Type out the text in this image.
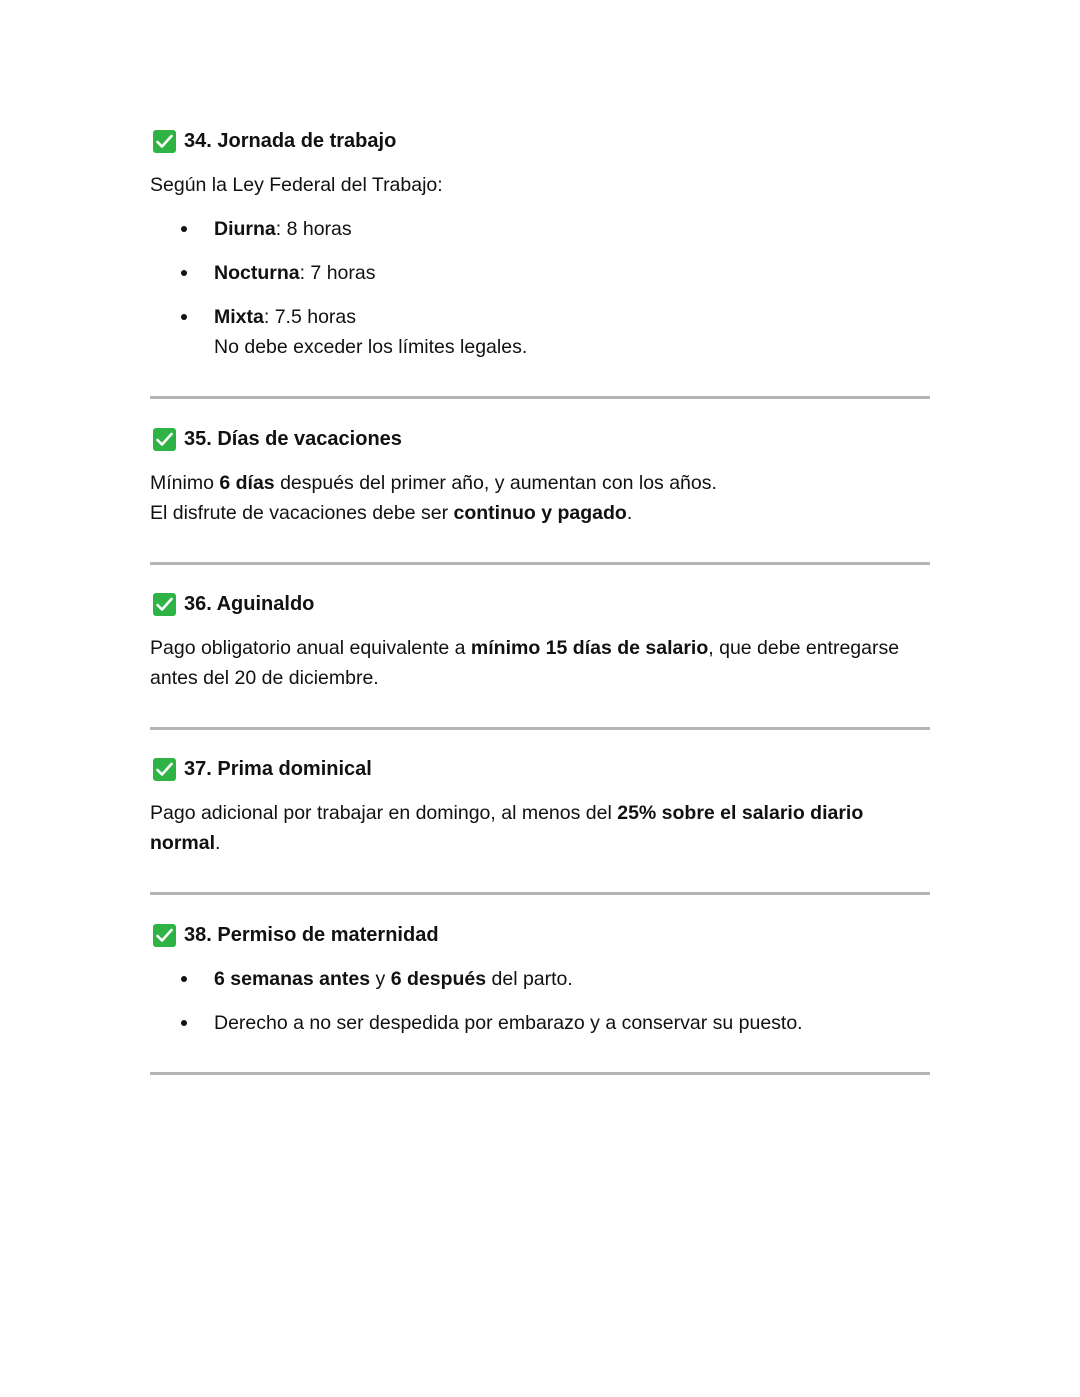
34. Jornada de trabajo

Según la Ley Federal del Trabajo:

Diurna: 8 horas
Nocturna: 7 horas
Mixta: 7.5 horas
No debe exceder los límites legales.
35. Días de vacaciones

Mínimo 6 días después del primer año, y aumentan con los años.
El disfrute de vacaciones debe ser continuo y pagado.

36. Aguinaldo

Pago obligatorio anual equivalente a mínimo 15 días de salario, que debe entregarse
antes del 20 de diciembre.

37. Prima dominical

Pago adicional por trabajar en domingo, al menos del 25% sobre el salario diario
normal.

38. Permiso de maternidad
6 semanas antes y 6 después del parto.
Derecho a no ser despedida por embarazo y a conservar su puesto.
